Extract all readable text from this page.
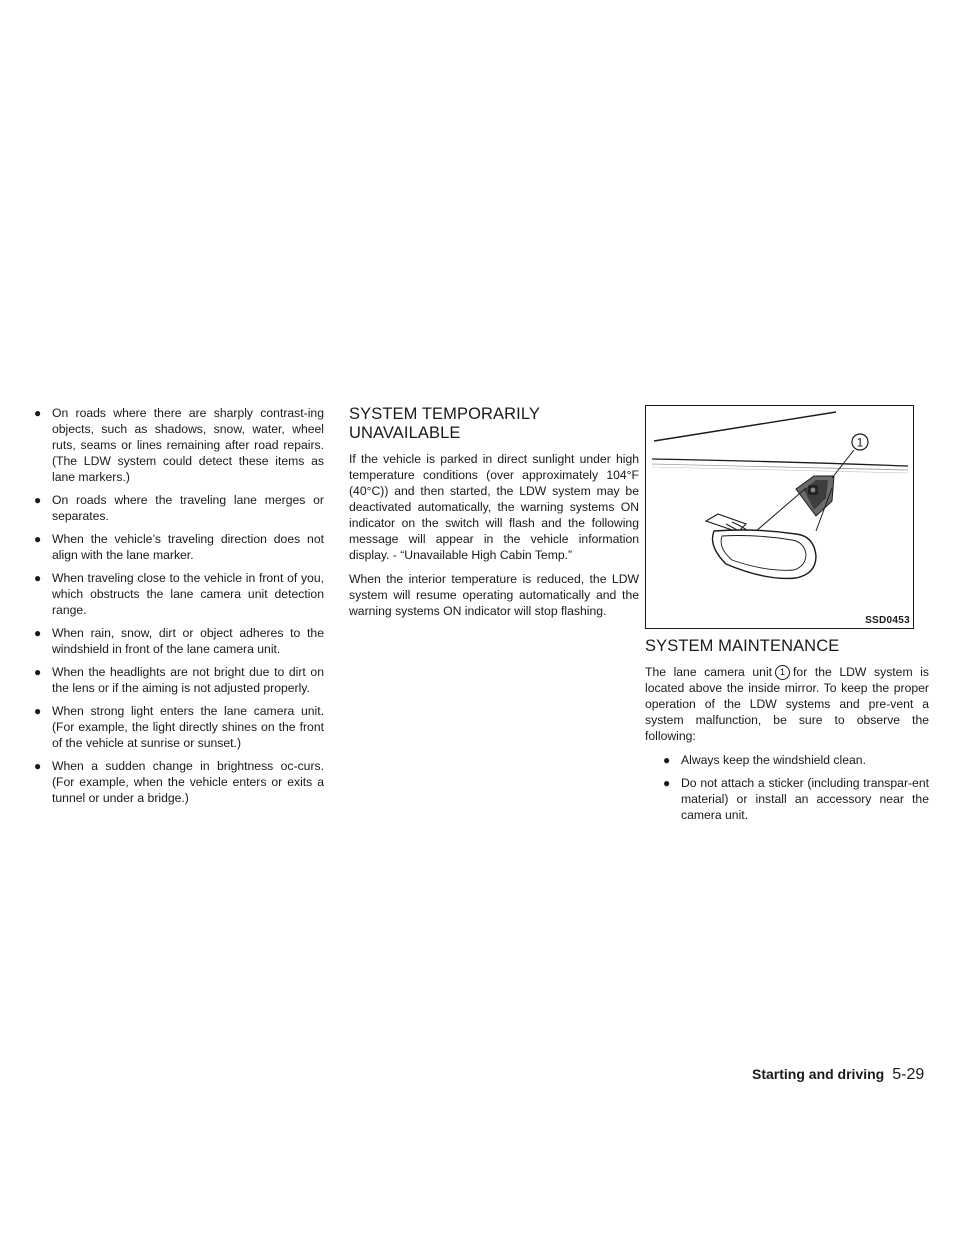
● On roads where there are sharply contrast-ing objects, such as shadows, snow, water, wheel ruts, seams or lines remaining after road repairs. (The LDW system could detect these items as lane markers.)
● On roads where the traveling lane merges or separates.
● When the vehicle’s traveling direction does not align with the lane marker.
● When traveling close to the vehicle in front of you, which obstructs the lane camera unit detection range.
● When rain, snow, dirt or object adheres to the windshield in front of the lane camera unit.
● When the headlights are not bright due to dirt on the lens or if the aiming is not adjusted properly.
● When strong light enters the lane camera unit. (For example, the light directly shines on the front of the vehicle at sunrise or sunset.)
● When a sudden change in brightness oc-curs. (For example, when the vehicle enters or exits a tunnel or under a bridge.)
SYSTEM TEMPORARILY
UNAVAILABLE

If the vehicle is parked in direct sunlight under high temperature conditions (over approximately 104°F (40°C)) and then started, the LDW system may be deactivated automatically, the warning systems ON indicator on the switch will flash and the following message will appear in the vehicle information display. - “Unavailable High Cabin Temp.”

When the interior temperature is reduced, the LDW system will resume operating automatically and the warning systems ON indicator will stop flashing.

1
SSD0453
SYSTEM MAINTENANCE

The lane camera unit 1 for the LDW system is located above the inside mirror. To keep the proper operation of the LDW systems and pre-vent a system malfunction, be sure to observe the following:

● Always keep the windshield clean.
● Do not attach a sticker (including transpar-ent material) or install an accessory near the camera unit.
Starting and driving 5-29
